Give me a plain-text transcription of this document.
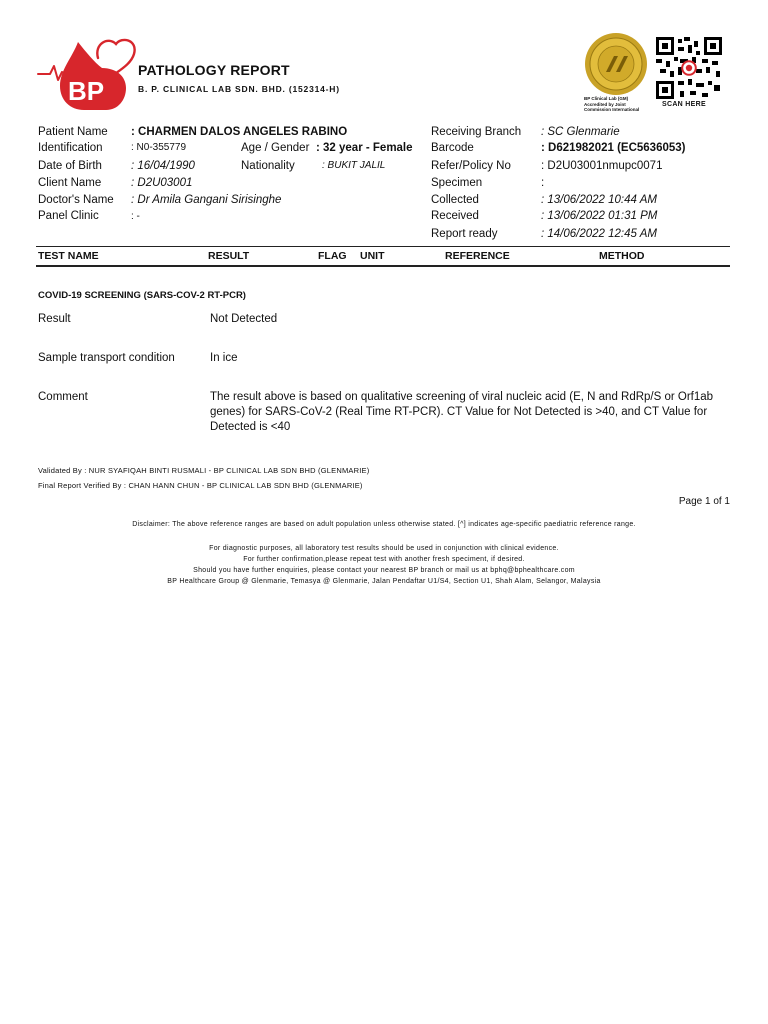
BP
PATHOLOGY REPORT
B. P. CLINICAL LAB SDN. BHD. (152314-H)
BP Clinical Lab (GM)
Accredited by Joint
Commission International
SCAN HERE
Patient Name : CHARMEN DALOS ANGELES RABINO
Identification	: N0-355779	Age / Gender : 32 year - Female
Date of Birth	: 16/04/1990	Nationality	: BUKIT JALIL
Client Name	: D2U03001
Doctor's Name : Dr Amila Gangani Sirisinghe
Panel Clinic	: -
Receiving Branch : SC Glenmarie
Barcode	: D621982021 (EC5636053)
Refer/Policy No	: D2U03001nmupc0071
Specimen	:
Collected	: 13/06/2022 10:44 AM
Received	: 13/06/2022 01:31 PM
Report ready	: 14/06/2022 12:45 AM
TEST NAME	RESULT	FLAG UNIT	REFERENCE	METHOD
COVID-19 SCREENING (SARS-COV-2 RT-PCR)
Result	Not Detected
Sample transport condition	In ice
Comment	The result above is based on qualitative screening of viral nucleic acid (E, N and RdRp/S or Orf1ab genes) for SARS-CoV-2 (Real Time RT-PCR). CT Value for Not Detected is >40, and CT Value for Detected is <40
Validated By : NUR SYAFIQAH BINTI RUSMALI - BP CLINICAL LAB SDN BHD (GLENMARIE)
Final Report Verified By : CHAN HANN CHUN - BP CLINICAL LAB SDN BHD (GLENMARIE)
Page 1 of 1
Disclaimer: The above reference ranges are based on adult population unless otherwise stated. [^] indicates age-specific paediatric reference range.
For diagnostic purposes, all laboratory test results should be used in conjunction with clinical evidence.
For further confirmation,please repeat test with another fresh speciment, if desired.
Should you have further enquiries, please contact your nearest BP branch or mail us at bphq@bphealthcare.com
BP Healthcare Group @ Glenmarie, Temasya @ Glenmarie, Jalan Pendaftar U1/S4, Section U1, Shah Alam, Selangor, Malaysia
